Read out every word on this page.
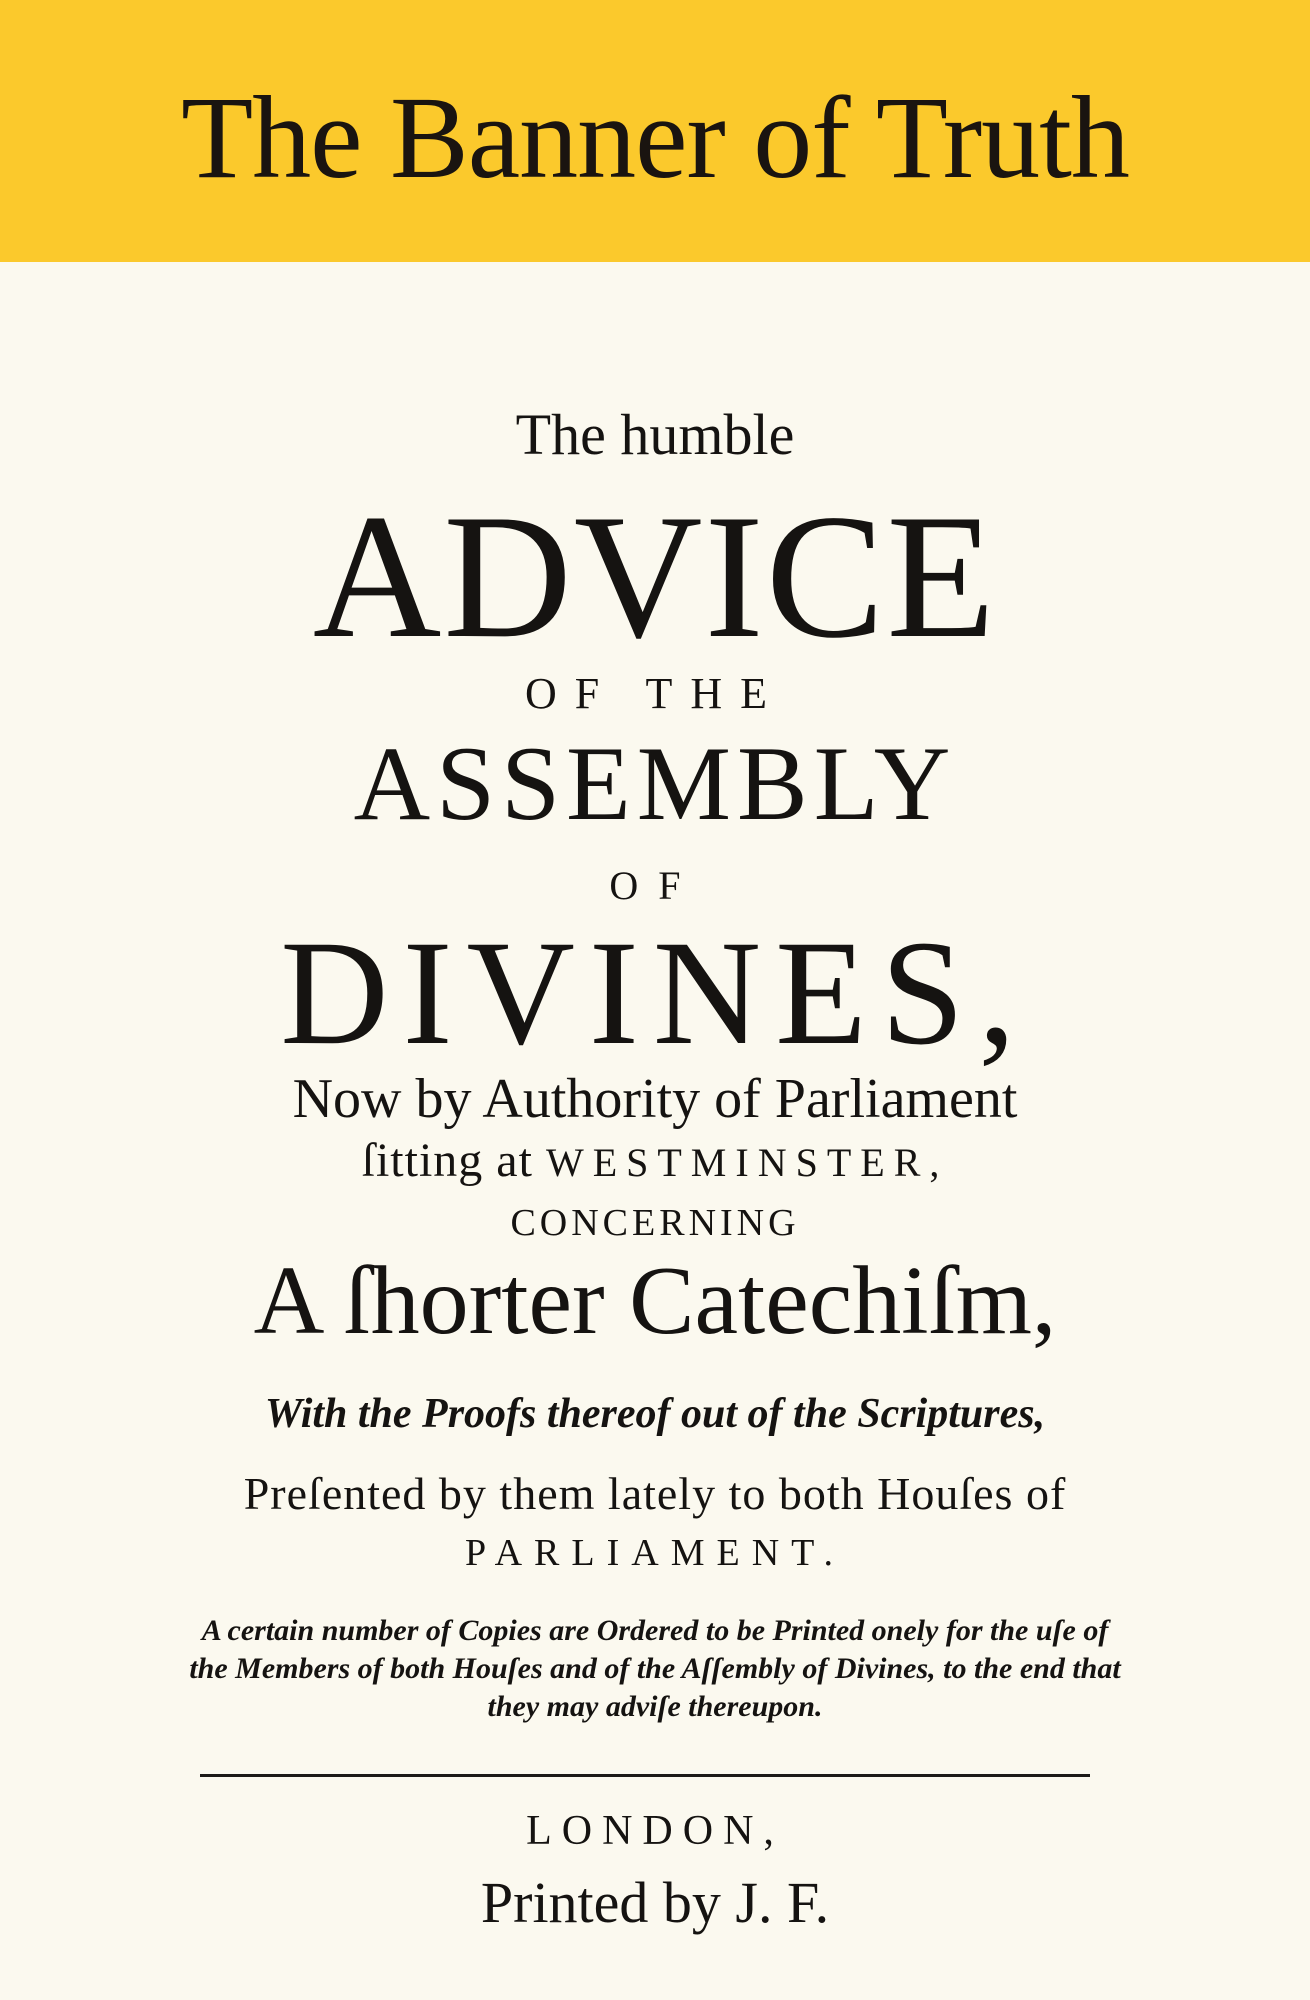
The Banner of Truth
The humble
ADVICE
OF THE
ASSEMBLY
OF
DIVINES,
Now by Authority of Parliament
ſitting at WESTMINSTER,
CONCERNING
A ſhorter Catechiſm,
With the Proofs thereof out of the Scriptures,
Preſented by them lately to both Houſes of
PARLIAMENT.
A certain number of Copies are Ordered to be Printed onely for the uſe of the Members of both Houſes and of the Aſſembly of Divines, to the end that they may adviſe thereupon.
LONDON,
Printed by J. F.
